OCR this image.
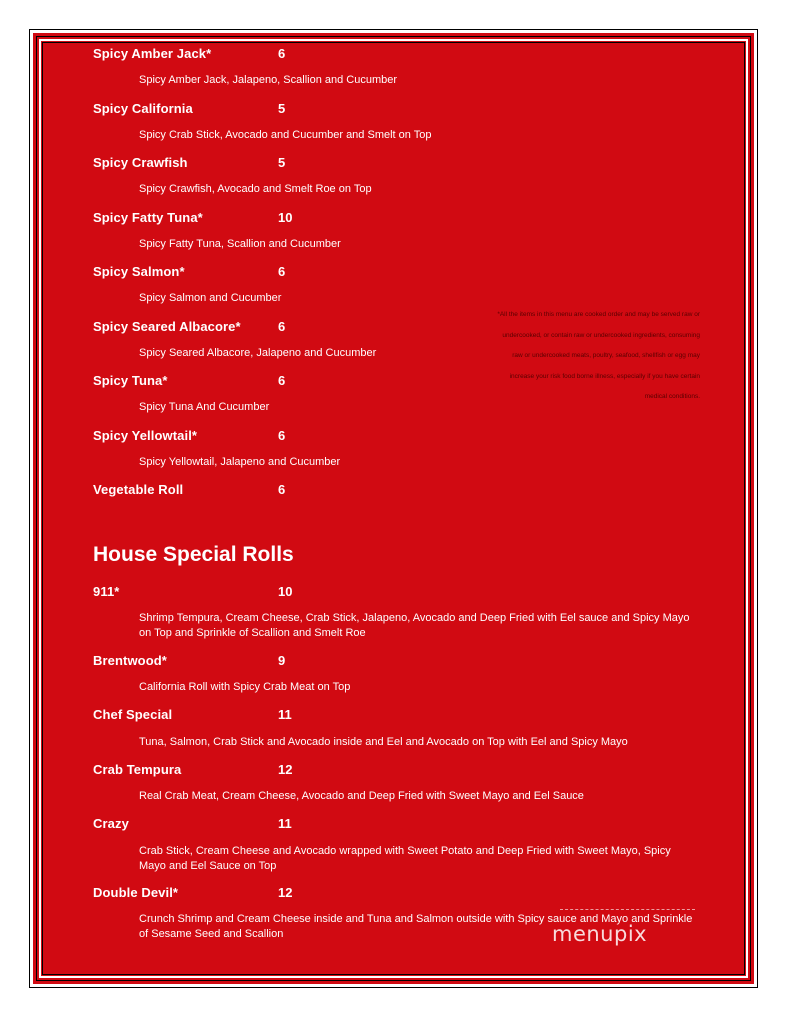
Spicy Amber Jack*	6
Spicy Amber Jack, Jalapeno, Scallion and Cucumber
Spicy California	5
Spicy Crab Stick, Avocado and Cucumber and Smelt on Top
Spicy Crawfish	5
Spicy Crawfish, Avocado and Smelt Roe on Top
Spicy Fatty Tuna*	10
Spicy Fatty Tuna, Scallion and Cucumber
Spicy Salmon*	6
Spicy Salmon and Cucumber
Spicy Seared Albacore*	6
Spicy Seared Albacore, Jalapeno and Cucumber
Spicy Tuna*	6
Spicy Tuna And Cucumber
Spicy Yellowtail*	6
Spicy Yellowtail, Jalapeno and Cucumber
Vegetable Roll	6
*All the items in this menu are cooked order and may be served raw or
undercooked, or contain raw or undercooked ingredients, consuming
raw or undercooked meats, poultry, seafood, shellfish or egg may
increase your risk food borne illness, especially if you have certain
medical conditions.
House Special Rolls
911*	10
Shrimp Tempura, Cream Cheese, Crab Stick, Jalapeno, Avocado and Deep Fried with Eel sauce and Spicy Mayo on Top and Sprinkle of Scallion and Smelt Roe
Brentwood*	9
California Roll with Spicy Crab Meat on Top
Chef Special	11
Tuna, Salmon, Crab Stick and Avocado inside and Eel and Avocado on Top with Eel and Spicy Mayo
Crab Tempura	12
Real Crab Meat, Cream Cheese, Avocado and Deep Fried with Sweet Mayo and Eel Sauce
Crazy	11
Crab Stick, Cream Cheese and Avocado wrapped with Sweet Potato and Deep Fried with Sweet Mayo, Spicy Mayo and Eel Sauce on Top
Double Devil*	12
Crunch Shrimp and Cream Cheese inside and Tuna and Salmon outside with Spicy sauce and Mayo and Sprinkle of Sesame Seed and Scallion	menupix
